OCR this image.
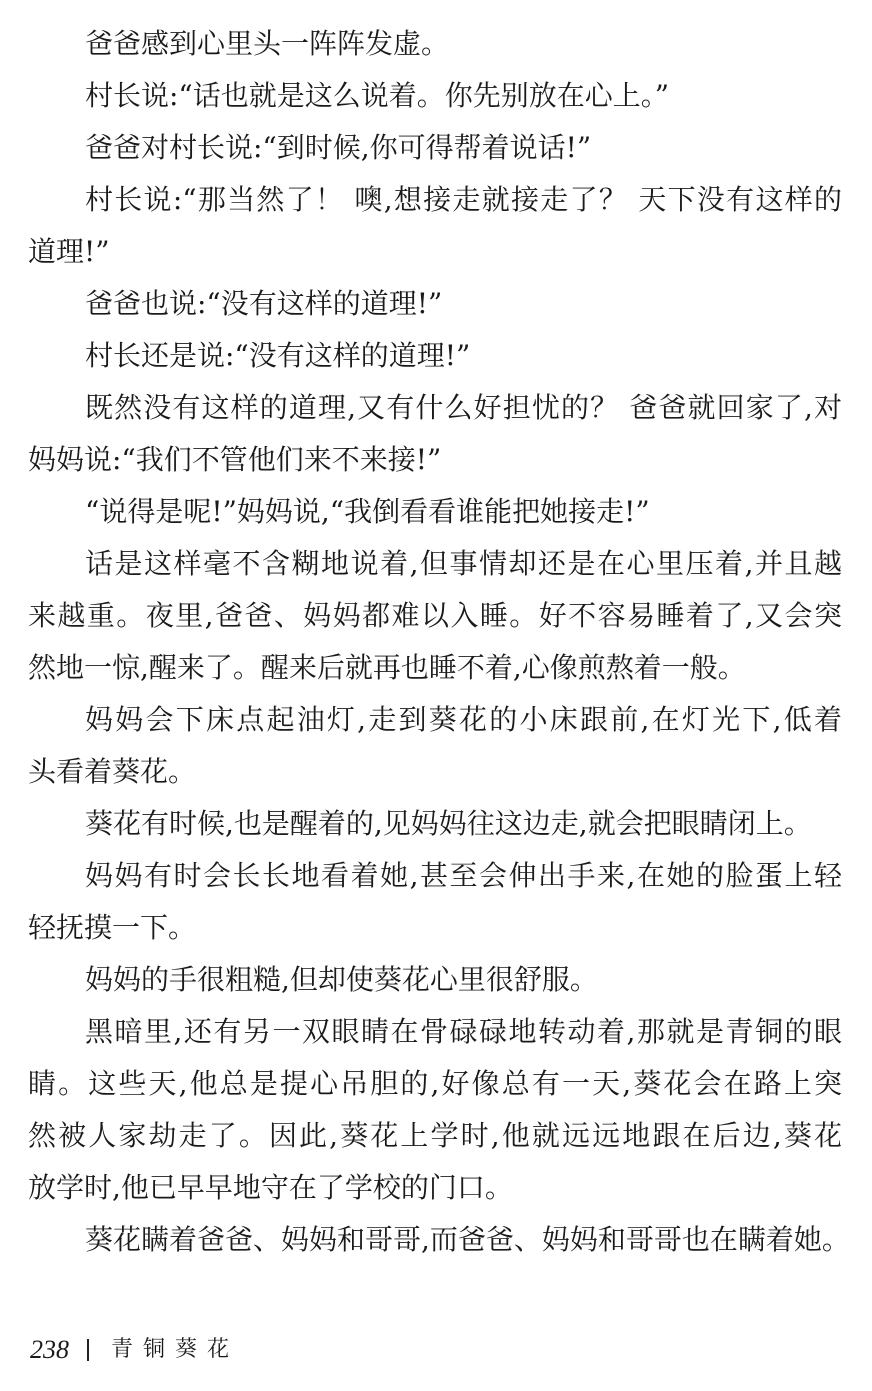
爸爸感到心里头一阵阵发虚。
村长说:“话也就是这么说着。你先别放在心上。”
爸爸对村长说:“到时候,你可得帮着说话!”
村长说:“那当然了！ 噢,想接走就接走了？ 天下没有这样的
道理!”
爸爸也说:“没有这样的道理!”
村长还是说:“没有这样的道理!”
既然没有这样的道理,又有什么好担忧的？ 爸爸就回家了,对
妈妈说:“我们不管他们来不来接!”
“说得是呢!”妈妈说,“我倒看看谁能把她接走!”
话是这样毫不含糊地说着,但事情却还是在心里压着,并且越
来越重。夜里,爸爸、妈妈都难以入睡。好不容易睡着了,又会突
然地一惊,醒来了。醒来后就再也睡不着,心像煎熬着一般。
妈妈会下床点起油灯,走到葵花的小床跟前,在灯光下,低着
头看着葵花。
葵花有时候,也是醒着的,见妈妈往这边走,就会把眼睛闭上。
妈妈有时会长长地看着她,甚至会伸出手来,在她的脸蛋上轻
轻抚摸一下。
妈妈的手很粗糙,但却使葵花心里很舒服。
黑暗里,还有另一双眼睛在骨碌碌地转动着,那就是青铜的眼
睛。这些天,他总是提心吊胆的,好像总有一天,葵花会在路上突
然被人家劫走了。因此,葵花上学时,他就远远地跟在后边,葵花
放学时,他已早早地守在了学校的门口。
葵花瞒着爸爸、妈妈和哥哥,而爸爸、妈妈和哥哥也在瞒着她。
238 青铜葵花
